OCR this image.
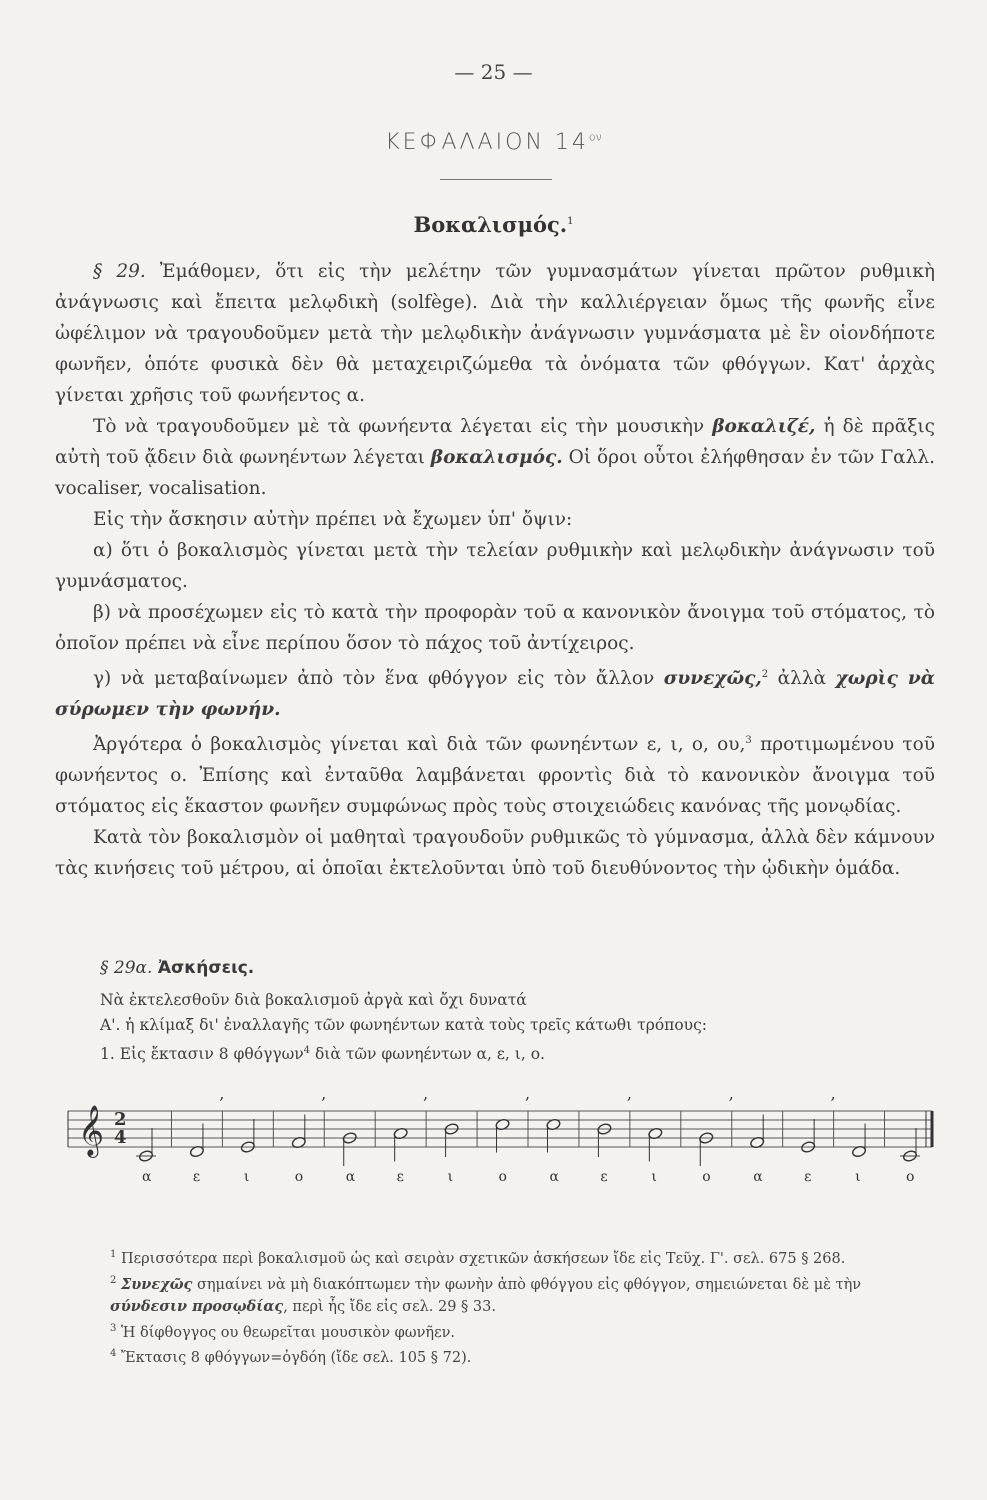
— 25 —
ΚΕΦΑΛΑΙΟΝ $14^{o\nu}$
Βοκαλισμός.$^1$

§ 29. Ἐμάθομεν, ὅτι εἰς τὴν μελέτην τῶν γυμνασμάτων γίνεται πρῶτον ρυθμικὴ ἀνάγνωσις καὶ ἔπειτα μελῳδικὴ (solfège). Διὰ τὴν καλλιέργειαν ὅμως τῆς φωνῆς εἶνε ὠφέλιμον νὰ τραγουδοῦμεν μετὰ τὴν μελῳδικὴν ἀνάγνωσιν γυμνάσματα μὲ ἓν οἱονδήποτε φωνῆεν, ὁπότε φυσικὰ δὲν θὰ μεταχειριζώμεθα τὰ ὀνόματα τῶν φθόγγων. Κατ' ἀρχὰς γίνεται χρῆσις τοῦ φωνήεντος α.

Τὸ νὰ τραγουδοῦμεν μὲ τὰ φωνήεντα λέγεται εἰς τὴν μουσικὴν βοκαλιζέ, ἡ δὲ πρᾶξις αὐτὴ τοῦ ᾄδειν διὰ φωνηέντων λέγεται βοκαλισμός. Οἱ ὅροι οὗτοι ἐλήφθησαν ἐν τῶν Γαλλ. vocaliser, vocalisation.

Εἰς τὴν ἄσκησιν αὐτὴν πρέπει νὰ ἔχωμεν ὑπ' ὄψιν:

α) ὅτι ὁ βοκαλισμὸς γίνεται μετὰ τὴν τελείαν ρυθμικὴν καὶ μελῳδικὴν ἀνάγνωσιν τοῦ γυμνάσματος.

β) νὰ προσέχωμεν εἰς τὸ κατὰ τὴν προφορὰν τοῦ α κανονικὸν ἄνοιγμα τοῦ στόματος, τὸ ὁποῖον πρέπει νὰ εἶνε περίπου ὅσον τὸ πάχος τοῦ ἀντίχειρος.

γ) νὰ μεταβαίνωμεν ἀπὸ τὸν ἕνα φθόγγον εἰς τὸν ἄλλον συνεχῶς,$^2$ ἀλλὰ χωρὶς νὰ σύρωμεν τὴν φωνήν.

Ἀργότερα ὁ βοκαλισμὸς γίνεται καὶ διὰ τῶν φωνηέντων ε, ι, ο, ου,$^3$ προτιμωμένου τοῦ φωνήεντος ο. Ἐπίσης καὶ ἐνταῦθα λαμβάνεται φροντὶς διὰ τὸ κανονικὸν ἄνοιγμα τοῦ στόματος εἰς ἕκαστον φωνῆεν συμφώνως πρὸς τοὺς στοιχειώδεις κανόνας τῆς μονῳδίας.

Κατὰ τὸν βοκαλισμὸν οἱ μαθηταὶ τραγουδοῦν ρυθμικῶς τὸ γύμνασμα, ἀλλὰ δὲν κάμνουν τὰς κινήσεις τοῦ μέτρου, αἱ ὁποῖαι ἐκτελοῦνται ὑπὸ τοῦ διευθύνοντος τὴν ᾠδικὴν ὁμάδα.

§ 29α. Ἀσκήσεις.

Νὰ ἐκτελεσθοῦν διὰ βοκαλισμοῦ ἀργὰ καὶ ὄχι δυνατά

Α'. ἡ κλίμαξ δι' ἐναλλαγῆς τῶν φωνηέντων κατὰ τοὺς τρεῖς κάτωθι τρόπους:

1. Εἰς ἔκτασιν 8 φθόγγων$^4$ διὰ τῶν φωνηέντων α, ε, ι, ο.

𝄞 2
4
α
,
ε	ι
,
ο	α
,
ε	ι
,
ο	α
,
ε	ι
,
ο	α
,
ε	ι	ο

$^1$ Περισσότερα περὶ βοκαλισμοῦ ὡς καὶ σειρὰν σχετικῶν ἀσκήσεων ἴδε εἰς Τεῦχ. Γ'. σελ. 675 § 268.

$^2$ Συνεχῶς σημαίνει νὰ μὴ διακόπτωμεν τὴν φωνὴν ἀπὸ φθόγγου εἰς φθόγγον, σημειώνεται δὲ μὲ τὴν σύνδεσιν προσῳδίας, περὶ ἧς ἴδε εἰς σελ. 29 § 33.

$^3$ Ἡ δίφθογγος ου θεωρεῖται μουσικὸν φωνῆεν.

$^4$ Ἔκτασις 8 φθόγγων=ὀγδόη (ἴδε σελ. 105 § 72).
